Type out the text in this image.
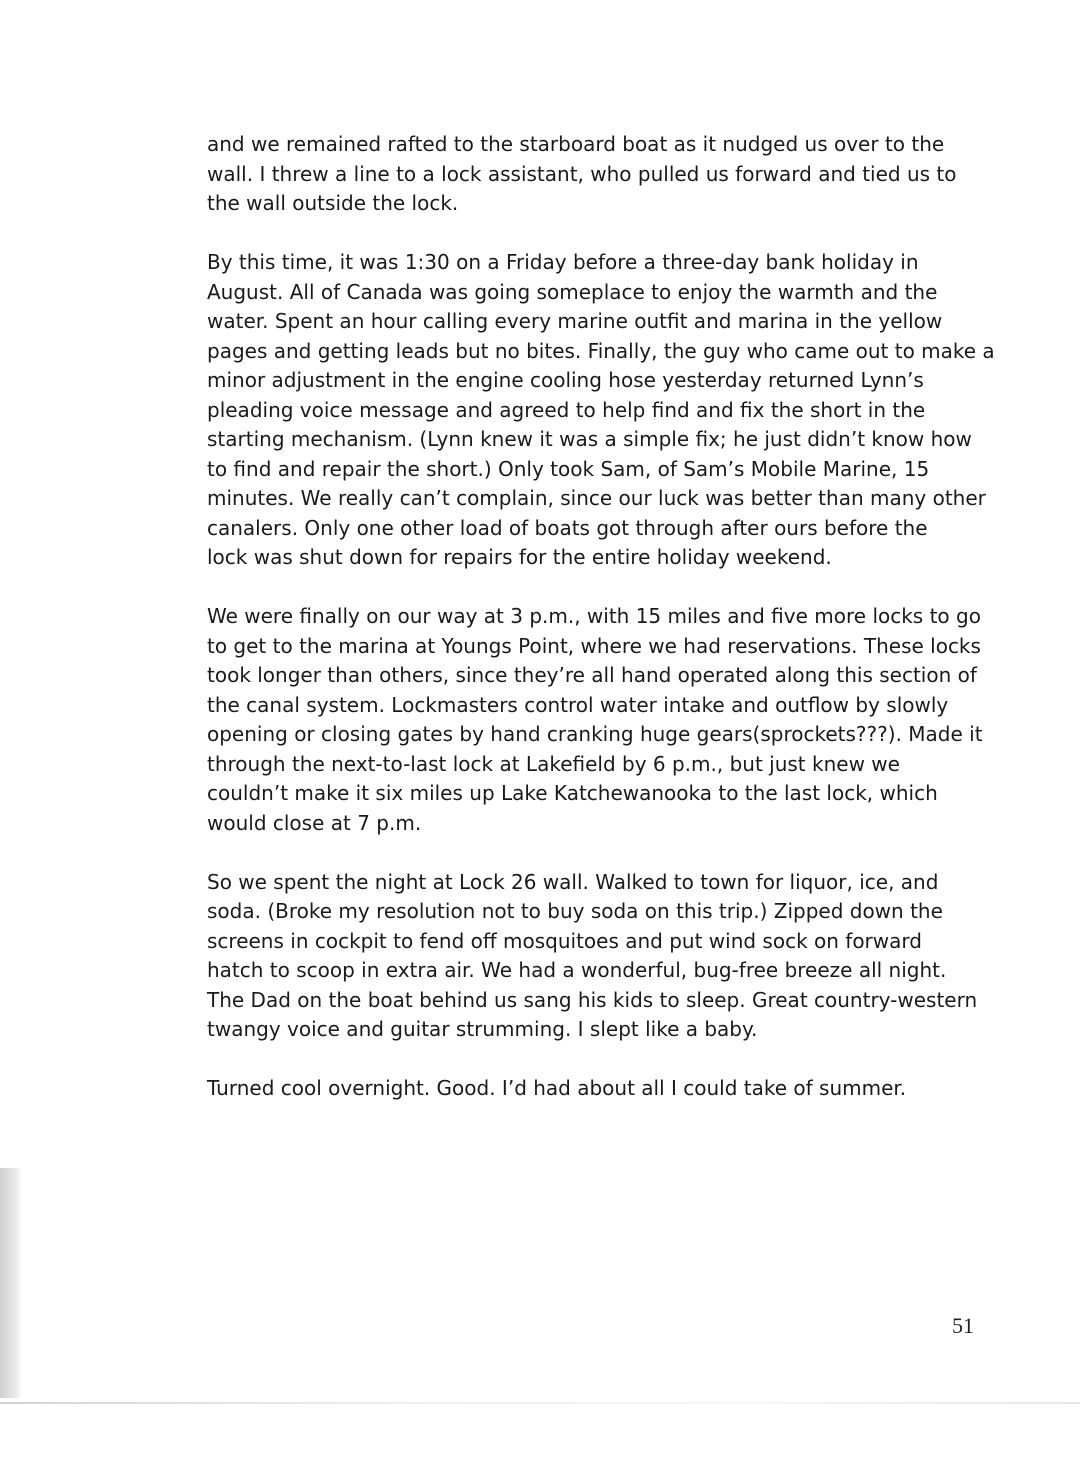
and we remained rafted to the starboard boat as it nudged us over to the
wall. I threw a line to a lock assistant, who pulled us forward and tied us to
the wall outside the lock.

By this time, it was 1:30 on a Friday before a three-day bank holiday in
August. All of Canada was going someplace to enjoy the warmth and the
water. Spent an hour calling every marine outfit and marina in the yellow
pages and getting leads but no bites. Finally, the guy who came out to make a
minor adjustment in the engine cooling hose yesterday returned Lynn’s
pleading voice message and agreed to help find and fix the short in the
starting mechanism. (Lynn knew it was a simple fix; he just didn’t know how
to find and repair the short.) Only took Sam, of Sam’s Mobile Marine, 15
minutes. We really can’t complain, since our luck was better than many other
canalers. Only one other load of boats got through after ours before the
lock was shut down for repairs for the entire holiday weekend.

We were finally on our way at 3 p.m., with 15 miles and five more locks to go
to get to the marina at Youngs Point, where we had reservations. These locks
took longer than others, since they’re all hand operated along this section of
the canal system. Lockmasters control water intake and outflow by slowly
opening or closing gates by hand cranking huge gears(sprockets???). Made it
through the next-to-last lock at Lakefield by 6 p.m., but just knew we
couldn’t make it six miles up Lake Katchewanooka to the last lock, which
would close at 7 p.m.

So we spent the night at Lock 26 wall. Walked to town for liquor, ice, and
soda. (Broke my resolution not to buy soda on this trip.) Zipped down the
screens in cockpit to fend off mosquitoes and put wind sock on forward
hatch to scoop in extra air. We had a wonderful, bug-free breeze all night.
The Dad on the boat behind us sang his kids to sleep. Great country-western
twangy voice and guitar strumming. I slept like a baby.

Turned cool overnight. Good. I’d had about all I could take of summer.

51
